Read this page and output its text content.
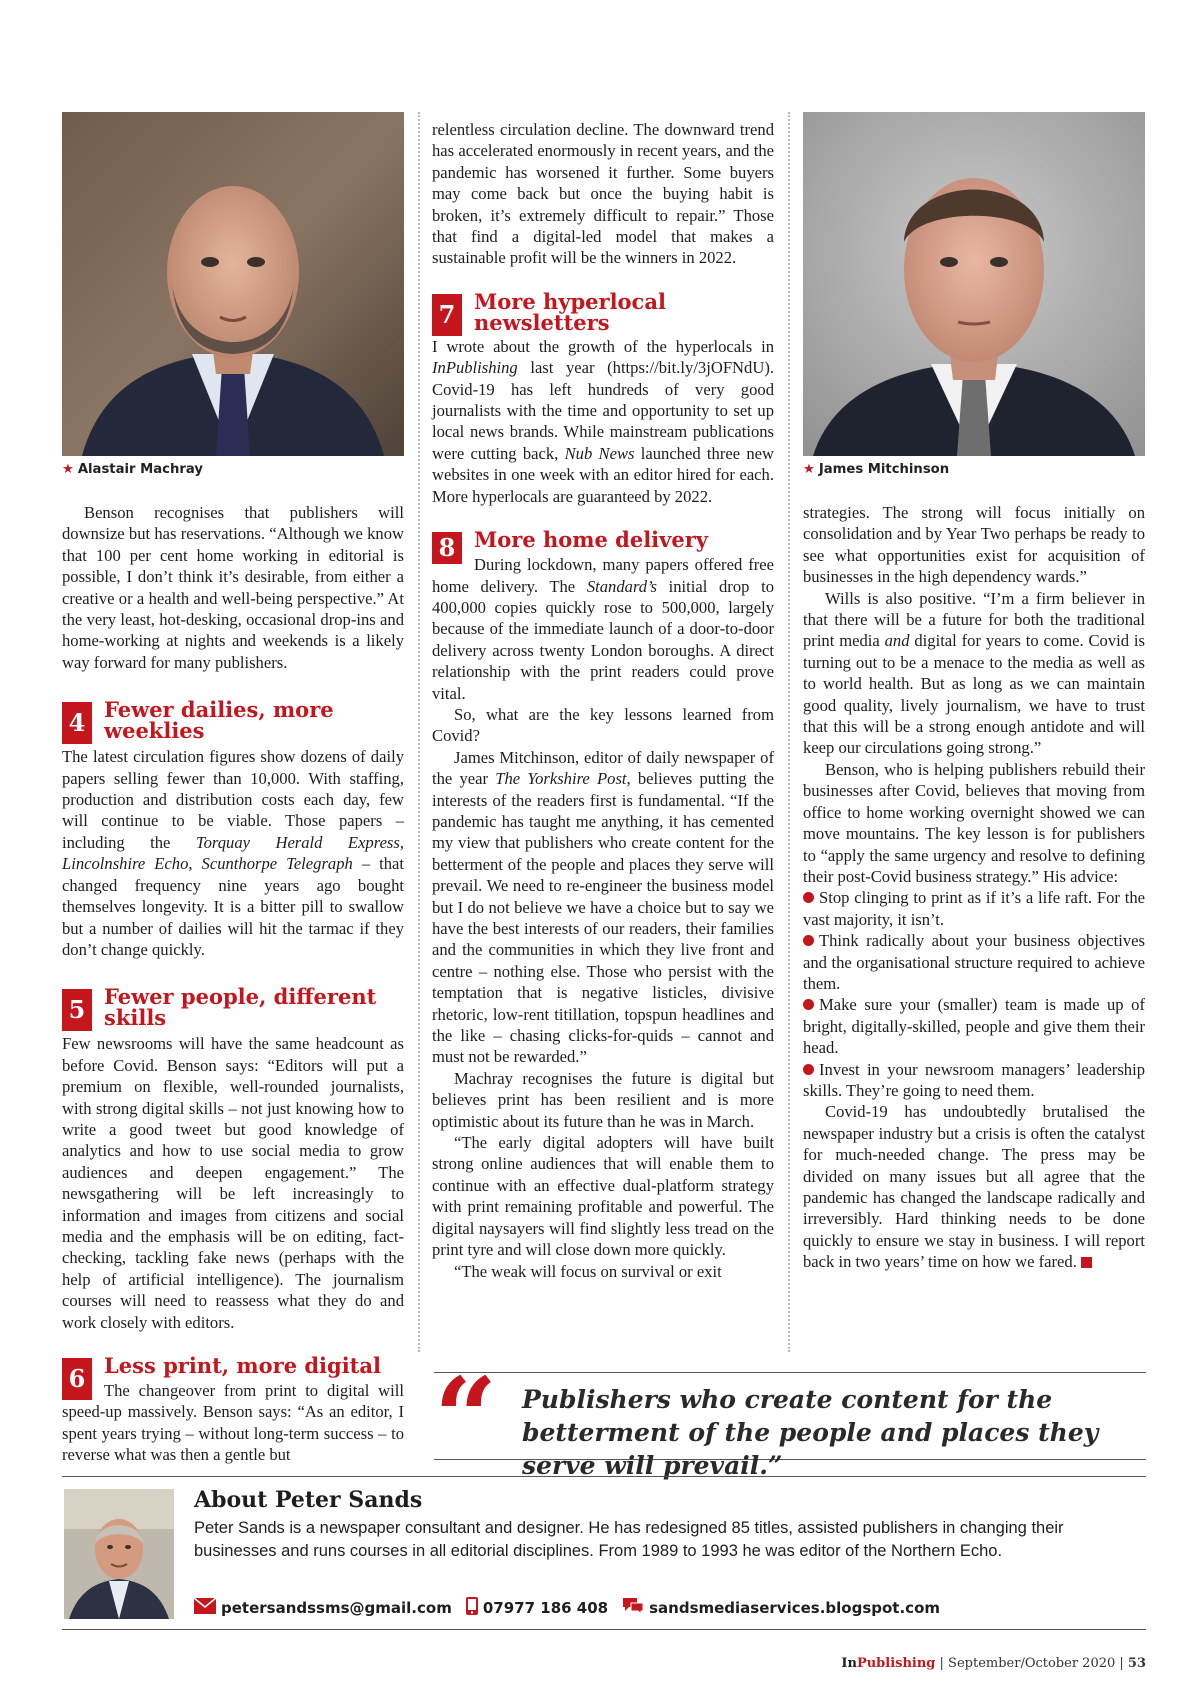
★ Alastair Machray	★ James Mitchinson

Benson recognises that publishers will downsize but has reservations. “Although we know that 100 per cent home working in editorial is possible, I don’t think it’s desirable, from either a creative or a health and well-being perspective.” At the very least, hot-desking, occasional drop-ins and home-working at nights and weekends is a likely way forward for many publishers.

4 Fewer dailies, more weeklies

The latest circulation figures show dozens of daily papers selling fewer than 10,000. With staffing, production and distribution costs each day, few will continue to be viable. Those papers – including the Torquay Herald Express, Lincolnshire Echo, Scunthorpe Telegraph – that changed frequency nine years ago bought themselves longevity. It is a bitter pill to swallow but a number of dailies will hit the tarmac if they don’t change quickly.

5 Fewer people, different skills

Few newsrooms will have the same headcount as before Covid. Benson says: “Editors will put a premium on flexible, well-rounded journalists, with strong digital skills – not just knowing how to write a good tweet but good knowledge of analytics and how to use social media to grow audiences and deepen engagement.” The newsgathering will be left increasingly to information and images from citizens and social media and the emphasis will be on editing, fact-checking, tackling fake news (perhaps with the help of artificial intelligence). The journalism courses will need to reassess what they do and work closely with editors.

6 Less print, more digital

The changeover from print to digital will speed-up massively. Benson says: “As an editor, I spent years trying – without long-term success – to reverse what was then a gentle but

relentless circulation decline. The downward trend has accelerated enormously in recent years, and the pandemic has worsened it further. Some buyers may come back but once the buying habit is broken, it’s extremely difficult to repair.” Those that find a digital-led model that makes a sustainable profit will be the winners in 2022.

7 More hyperlocal newsletters

I wrote about the growth of the hyperlocals in InPublishing last year (https://bit.ly/3jOFNdU). Covid-19 has left hundreds of very good journalists with the time and opportunity to set up local news brands. While mainstream publications were cutting back, Nub News launched three new websites in one week with an editor hired for each. More hyperlocals are guaranteed by 2022.

8 More home delivery

During lockdown, many papers offered free home delivery. The Standard’s initial drop to 400,000 copies quickly rose to 500,000, largely because of the immediate launch of a door-to-door delivery across twenty London boroughs. A direct relationship with the print readers could prove vital.

So, what are the key lessons learned from Covid?

James Mitchinson, editor of daily newspaper of the year The Yorkshire Post, believes putting the interests of the readers first is fundamental. “If the pandemic has taught me anything, it has cemented my view that publishers who create content for the betterment of the people and places they serve will prevail. We need to re-engineer the business model but I do not believe we have a choice but to say we have the best interests of our readers, their families and the communities in which they live front and centre – nothing else. Those who persist with the temptation that is negative listicles, divisive rhetoric, low-rent titillation, topspun headlines and the like – chasing clicks-for-quids – cannot and must not be rewarded.”

Machray recognises the future is digital but believes print has been resilient and is more optimistic about its future than he was in March.

“The early digital adopters will have built strong online audiences that will enable them to continue with an effective dual-platform strategy with print remaining profitable and powerful. The digital naysayers will find slightly less tread on the print tyre and will close down more quickly.

“The weak will focus on survival or exit

strategies. The strong will focus initially on consolidation and by Year Two perhaps be ready to see what opportunities exist for acquisition of businesses in the high dependency wards.”

Wills is also positive. “I’m a firm believer in that there will be a future for both the traditional print media and digital for years to come. Covid is turning out to be a menace to the media as well as to world health. But as long as we can maintain good quality, lively journalism, we have to trust that this will be a strong enough antidote and will keep our circulations going strong.”

Benson, who is helping publishers rebuild their businesses after Covid, believes that moving from office to home working overnight showed we can move mountains. The key lesson is for publishers to “apply the same urgency and resolve to defining their post-Covid business strategy.” His advice:

Stop clinging to print as if it’s a life raft. For the vast majority, it isn’t.

Think radically about your business objectives and the organisational structure required to achieve them.

Make sure your (smaller) team is made up of bright, digitally-skilled, people and give them their head.

Invest in your newsroom managers’ leadership skills. They’re going to need them.

Covid-19 has undoubtedly brutalised the newspaper industry but a crisis is often the catalyst for much-needed change. The press may be divided on many issues but all agree that the pandemic has changed the landscape radically and irreversibly. Hard thinking needs to be done quickly to ensure we stay in business. I will report back in two years’ time on how we fared.

“ Publishers who create content for the betterment of the people and places they serve will prevail.”
About Peter Sands
Peter Sands is a newspaper consultant and designer. He has redesigned 85 titles, assisted publishers in changing their businesses and runs courses in all editorial disciplines. From 1989 to 1993 he was editor of the Northern Echo.
petersandssms@gmail.com 07977 186 408	sandsmediaservices.blogspot.com
InPublishing | September/October 2020 | 53
